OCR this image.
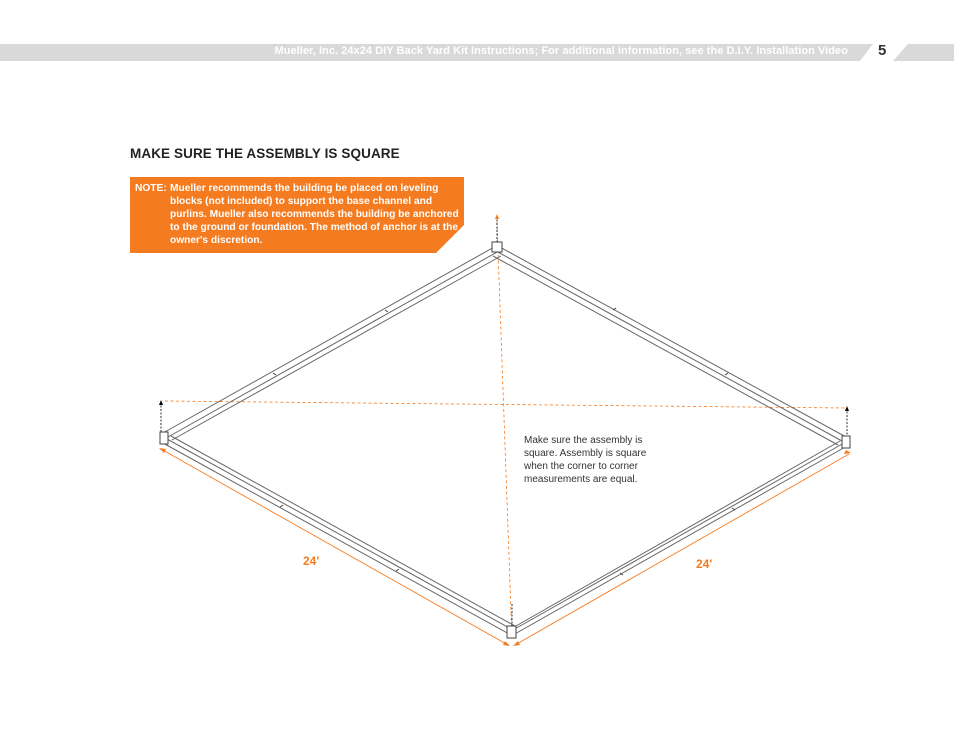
Mueller, Inc. 24x24 DIY Back Yard Kit Instructions; For additional information, see the D.I.Y. Installation Video 5
MAKE SURE THE ASSEMBLY IS SQUARE
NOTE: Mueller recommends the building be placed on leveling blocks (not included) to support the base channel and purlins. Mueller also recommends the building be anchored to the ground or foundation. The method of anchor is at the owner's discretion.
Make sure the assembly is square. Assembly is square when the corner to corner measurements are equal.
24'	24'
